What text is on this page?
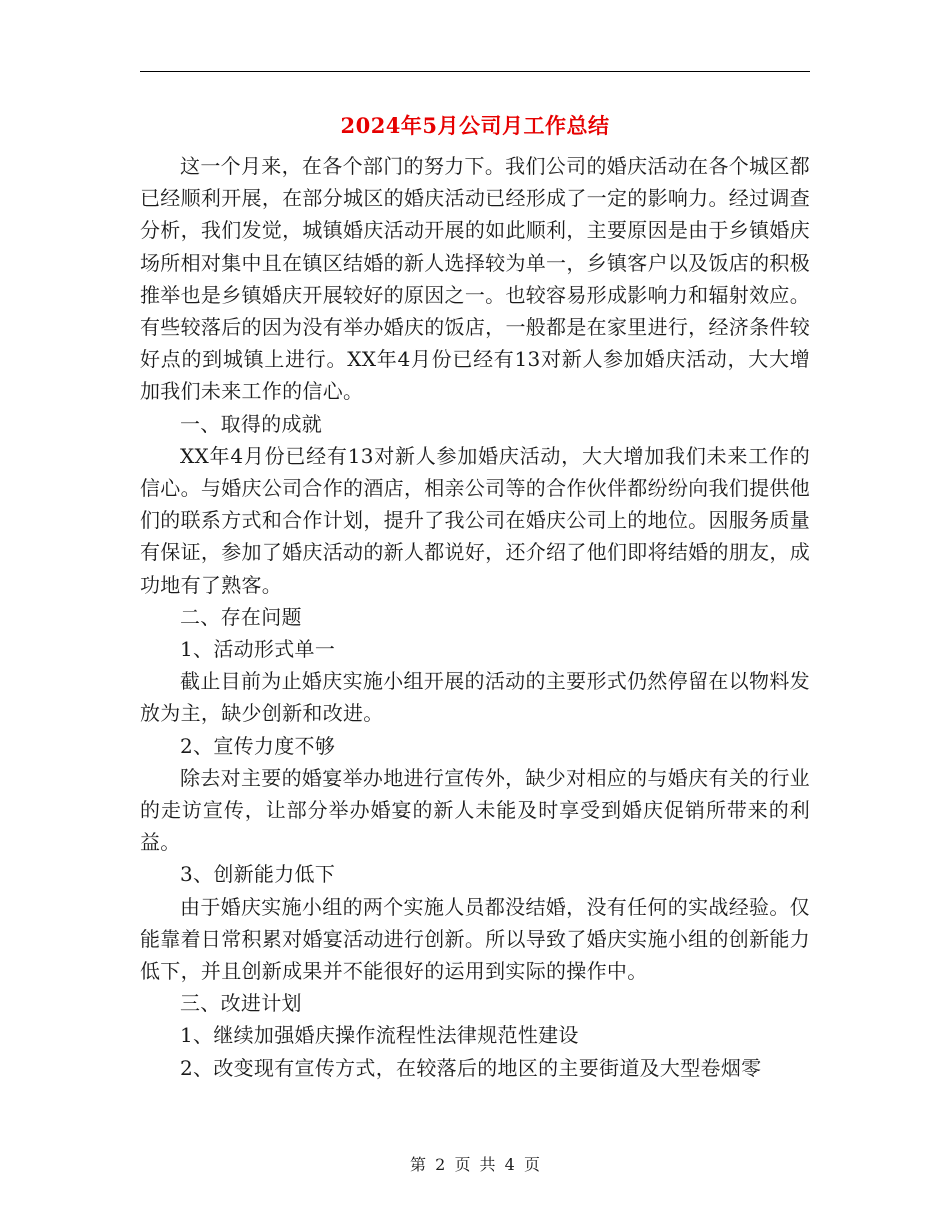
2024年5月公司月工作总结

这一个月来，在各个部门的努力下。我们公司的婚庆活动在各个城区都已经顺利开展，在部分城区的婚庆活动已经形成了一定的影响力。经过调查分析，我们发觉，城镇婚庆活动开展的如此顺利，主要原因是由于乡镇婚庆场所相对集中且在镇区结婚的新人选择较为单一，乡镇客户以及饭店的积极推举也是乡镇婚庆开展较好的原因之一。也较容易形成影响力和辐射效应。有些较落后的因为没有举办婚庆的饭店，一般都是在家里进行，经济条件较好点的到城镇上进行。XX年4月份已经有13对新人参加婚庆活动，大大增加我们未来工作的信心。

一、取得的成就

XX年4月份已经有13对新人参加婚庆活动，大大增加我们未来工作的信心。与婚庆公司合作的酒店，相亲公司等的合作伙伴都纷纷向我们提供他们的联系方式和合作计划，提升了我公司在婚庆公司上的地位。因服务质量有保证，参加了婚庆活动的新人都说好，还介绍了他们即将结婚的朋友，成功地有了熟客。

二、存在问题

1、活动形式单一

截止目前为止婚庆实施小组开展的活动的主要形式仍然停留在以物料发放为主，缺少创新和改进。

2、宣传力度不够

除去对主要的婚宴举办地进行宣传外，缺少对相应的与婚庆有关的行业的走访宣传，让部分举办婚宴的新人未能及时享受到婚庆促销所带来的利益。

3、创新能力低下

由于婚庆实施小组的两个实施人员都没结婚，没有任何的实战经验。仅能靠着日常积累对婚宴活动进行创新。所以导致了婚庆实施小组的创新能力低下，并且创新成果并不能很好的运用到实际的操作中。

三、改进计划

1、继续加强婚庆操作流程性法律规范性建设

2、改变现有宣传方式，在较落后的地区的主要街道及大型卷烟零

第 2 页 共 4 页
